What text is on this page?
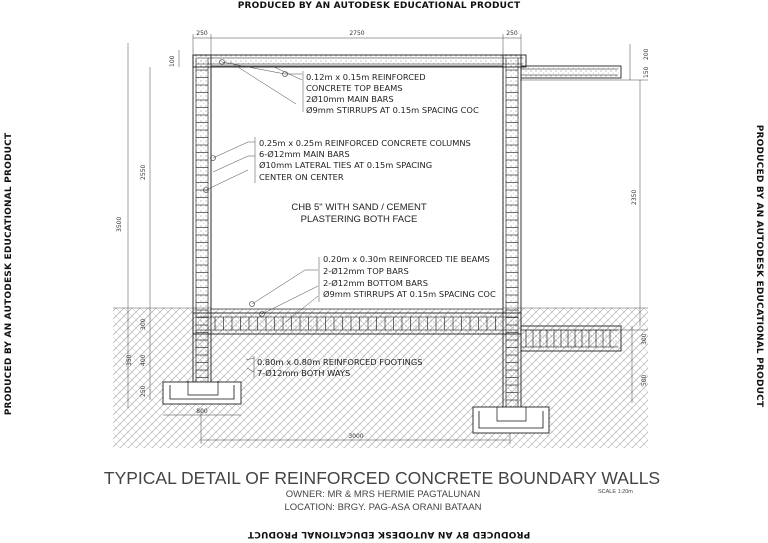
PRODUCED BY AN AUTODESK EDUCATIONAL PRODUCT
PRODUCED BY AN AUTODESK EDUCATIONAL PRODUCT
PRODUCED BY AN AUTODESK EDUCATIONAL PRODUCT	PRODUCED BY AN AUTODESK EDUCATIONAL PRODUCT
250	2750	250
100
200
150
3500
2550
2350
300
350 400
250
300
500
800
3000
0.12m x 0.15m REINFORCED
CONCRETE TOP BEAMS
2Ø10mm MAIN BARS
Ø9mm STIRRUPS AT 0.15m SPACING COC
0.25m x 0.25m REINFORCED CONCRETE COLUMNS
6-Ø12mm MAIN BARS
Ø10mm LATERAL TIES AT 0.15m SPACING
CENTER ON CENTER
CHB 5" WITH SAND / CEMENT
PLASTERING BOTH FACE
0.20m x 0.30m REINFORCED TIE BEAMS
2-Ø12mm TOP BARS
2-Ø12mm BOTTOM BARS
Ø9mm STIRRUPS AT 0.15m SPACING COC
0.80m x 0.80m REINFORCED FOOTINGS
7-Ø12mm BOTH WAYS
TYPICAL DETAIL OF REINFORCED CONCRETE BOUNDARY WALLS
OWNER: MR & MRS HERMIE PAGTALUNAN
LOCATION: BRGY. PAG-ASA ORANI BATAAN
SCALE 1:20m
